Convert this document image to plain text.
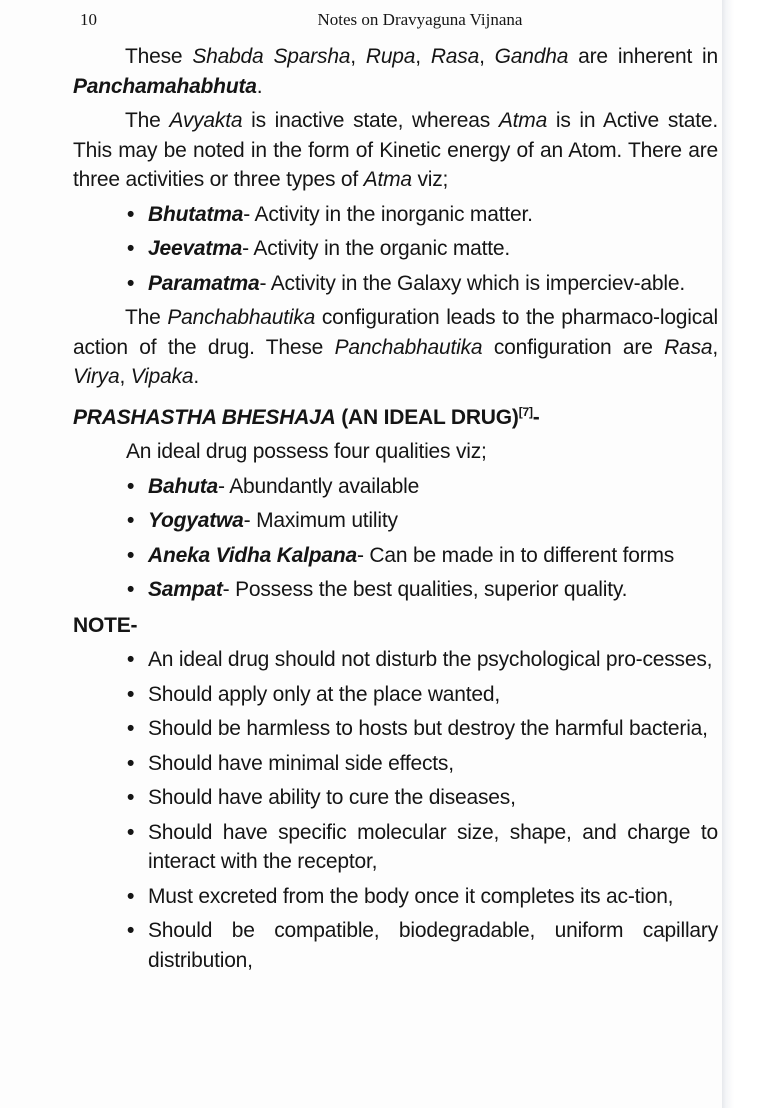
10	Notes on Dravyaguna Vijnana

These Shabda Sparsha, Rupa, Rasa, Gandha are inherent in Panchamahabhuta.

The Avyakta is inactive state, whereas Atma is in Active state. This may be noted in the form of Kinetic energy of an Atom. There are three activities or three types of Atma viz;

• Bhutatma- Activity in the inorganic matter.
• Jeevatma- Activity in the organic matte.
• Paramatma- Activity in the Galaxy which is imperciev-able.

The Panchabhautika configuration leads to the pharmaco-logical action of the drug. These Panchabhautika configuration are Rasa, Virya, Vipaka.

PRASHASTHA BHESHAJA (AN IDEAL DRUG)[7]-
An ideal drug possess four qualities viz;
• Bahuta- Abundantly available
• Yogyatwa- Maximum utility
• Aneka Vidha Kalpana- Can be made in to different forms
• Sampat- Possess the best qualities, superior quality.
NOTE-
• An ideal drug should not disturb the psychological pro-cesses,
• Should apply only at the place wanted,
• Should be harmless to hosts but destroy the harmful bacteria,
• Should have minimal side effects,
• Should have ability to cure the diseases,
• Should have specific molecular size, shape, and charge to interact with the receptor,
• Must excreted from the body once it completes its ac-tion,
• Should be compatible, biodegradable, uniform capillary distribution,
